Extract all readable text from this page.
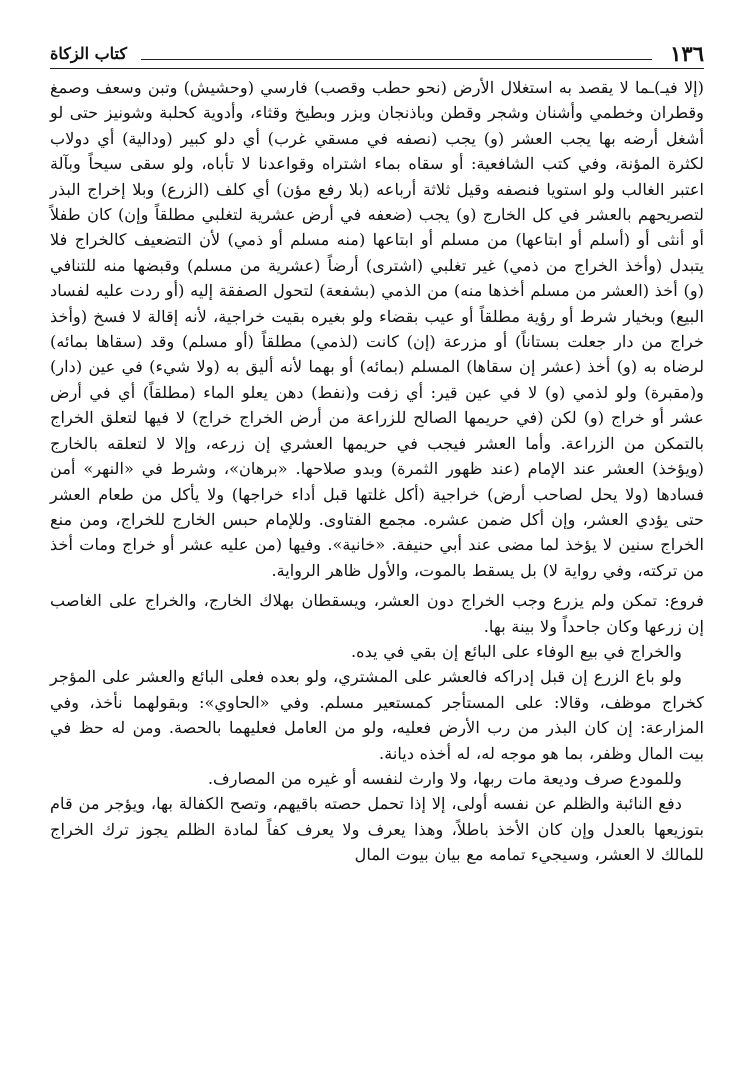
١٣٦
كتاب الزكاة

(إلا فيـ)ـما لا يقصد به استغلال الأرض (نحو حطب وقصب) فارسي (وحشيش) وتبن وسعف وصمغ وقطران وخطمي وأشنان وشجر وقطن وباذنجان وبزر وبطيخ وقثاء، وأدوية كحلبة وشونيز حتى لو أشغل أرضه بها يجب العشر (و) يجب (نصفه في مسقي غرب) أي دلو كبير (ودالية) أي دولاب لكثرة المؤنة، وفي كتب الشافعية: أو سقاه بماء اشتراه وقواعدنا لا تأباه، ولو سقى سيحاً وبآلة اعتبر الغالب ولو استويا فنصفه وقيل ثلاثة أرباعه (بلا رفع مؤن) أي كلف (الزرع) وبلا إخراج البذر لتصريحهم بالعشر في كل الخارج (و) يجب (ضعفه في أرض عشرية لتغلبي مطلقاً وإن) كان طفلاً أو أنثى أو (أسلم أو ابتاعها) من مسلم أو ابتاعها (منه مسلم أو ذمي) لأن التضعيف كالخراج فلا يتبدل (وأخذ الخراج من ذمي) غير تغلبي (اشترى) أرضاً (عشرية من مسلم) وقبضها منه للتنافي (و) أخذ (العشر من مسلم أخذها منه) من الذمي (بشفعة) لتحول الصفقة إليه (أو ردت عليه لفساد البيع) وبخيار شرط أو رؤية مطلقاً أو عيب بقضاء ولو بغيره بقيت خراجية، لأنه إقالة لا فسخ (وأخذ خراج من دار جعلت بستاناً) أو مزرعة (إن) كانت (لذمي) مطلقاً (أو مسلم) وقد (سقاها بمائه) لرضاه به (و) أخذ (عشر إن سقاها) المسلم (بمائه) أو بهما لأنه أليق به (ولا شيء) في عين (دار) و(مقبرة) ولو لذمي (و) لا في عين قير: أي زفت و(نفط) دهن يعلو الماء (مطلقاً) أي في أرض عشر أو خراج (و) لكن (في حريمها الصالح للزراعة من أرض الخراج خراج) لا فيها لتعلق الخراج بالتمكن من الزراعة. وأما العشر فيجب في حريمها العشري إن زرعه، وإلا لا لتعلقه بالخارج (ويؤخذ) العشر عند الإمام (عند ظهور الثمرة) وبدو صلاحها. «برهان»، وشرط في «النهر» أمن فسادها (ولا يحل لصاحب أرض) خراجية (أكل غلتها قبل أداء خراجها) ولا يأكل من طعام العشر حتى يؤدي العشر، وإن أكل ضمن عشره. مجمع الفتاوى. وللإمام حبس الخارج للخراج، ومن منع الخراج سنين لا يؤخذ لما مضى عند أبي حنيفة. «خانية». وفيها (من عليه عشر أو خراج ومات أخذ من تركته، وفي رواية لا) بل يسقط بالموت، والأول ظاهر الرواية.

فروع: تمكن ولم يزرع وجب الخراج دون العشر، ويسقطان بهلاك الخارج، والخراج على الغاصب إن زرعها وكان جاحداً ولا بينة بها.

والخراج في بيع الوفاء على البائع إن بقي في يده.

ولو باع الزرع إن قبل إدراكه فالعشر على المشتري، ولو بعده فعلى البائع والعشر على المؤجر كخراج موظف، وقالا: على المستأجر كمستعير مسلم. وفي «الحاوي»: وبقولهما نأخذ، وفي المزارعة: إن كان البذر من رب الأرض فعليه، ولو من العامل فعليهما بالحصة. ومن له حظ في بيت المال وظفر، بما هو موجه له، له أخذه ديانة.

وللمودع صرف وديعة مات ربها، ولا وارث لنفسه أو غيره من المصارف.

دفع النائبة والظلم عن نفسه أولى، إلا إذا تحمل حصته باقيهم، وتصح الكفالة بها، ويؤجر من قام بتوزيعها بالعدل وإن كان الأخذ باطلاً، وهذا يعرف ولا يعرف كفاً لمادة الظلم يجوز ترك الخراج للمالك لا العشر، وسيجيء تمامه مع بيان بيوت المال
